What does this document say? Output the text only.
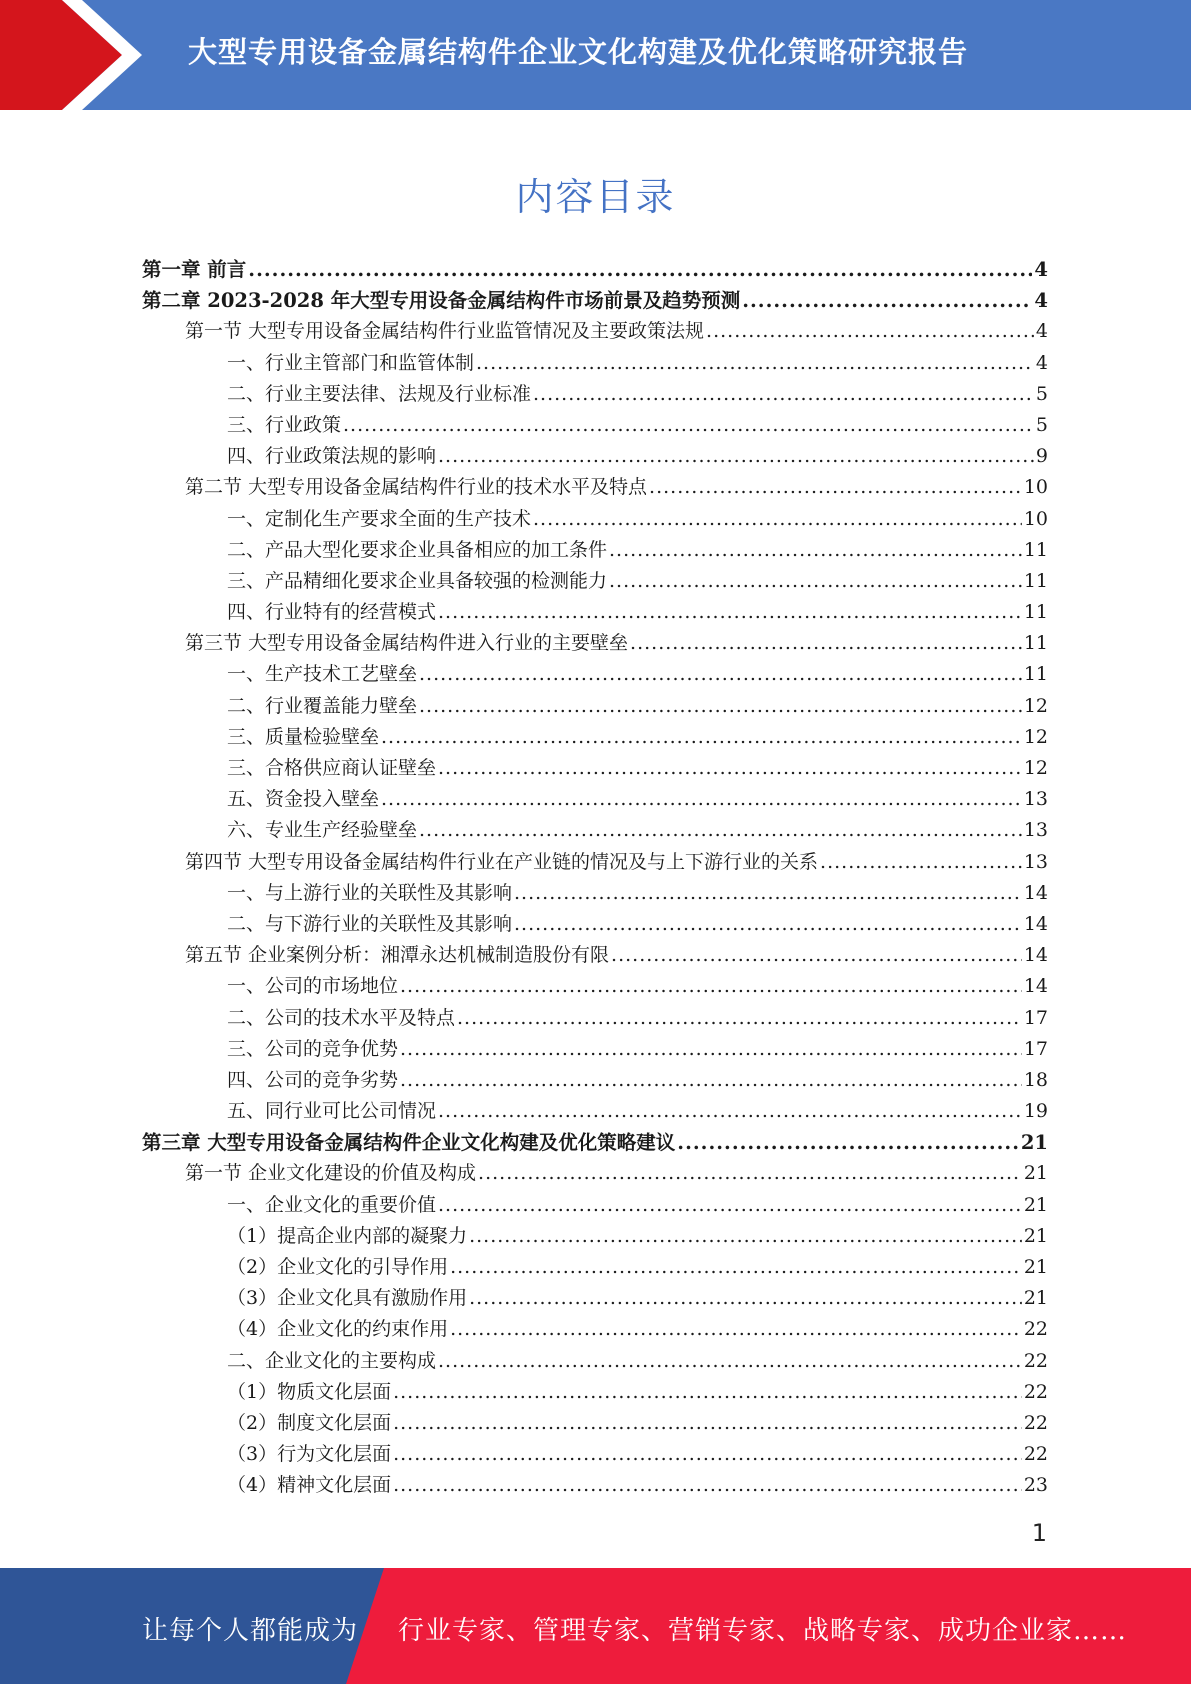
大型专用设备金属结构件企业文化构建及优化策略研究报告
内容目录
第一章 前言 .....	4
第二章 2023-2028 年大型专用设备金属结构件市场前景及趋势预测 .....	4
第一节 大型专用设备金属结构件行业监管情况及主要政策法规 .....	4
一、行业主管部门和监管体制 .....	4
二、行业主要法律、法规及行业标准 .....	5
三、行业政策 .....	5
四、行业政策法规的影响 .....	9
第二节 大型专用设备金属结构件行业的技术水平及特点 .....	10
一、定制化生产要求全面的生产技术 .....	10
二、产品大型化要求企业具备相应的加工条件 .....	11
三、产品精细化要求企业具备较强的检测能力 .....	11
四、行业特有的经营模式 .....	11
第三节 大型专用设备金属结构件进入行业的主要壁垒 .....	11
一、生产技术工艺壁垒 .....	11
二、行业覆盖能力壁垒 .....	12
三、质量检验壁垒 .....	12
三、合格供应商认证壁垒 .....	12
五、资金投入壁垒 .....	13
六、专业生产经验壁垒 .....	13
第四节 大型专用设备金属结构件行业在产业链的情况及与上下游行业的关系 .....	13
一、与上游行业的关联性及其影响 .....	14
二、与下游行业的关联性及其影响 .....	14
第五节 企业案例分析：湘潭永达机械制造股份有限 .....	14
一、公司的市场地位 .....	14
二、公司的技术水平及特点 .....	17
三、公司的竞争优势 .....	17
四、公司的竞争劣势 .....	18
五、同行业可比公司情况 .....	19
第三章 大型专用设备金属结构件企业文化构建及优化策略建议 .....	21
第一节 企业文化建设的价值及构成 .....	21
一、企业文化的重要价值 .....	21
（1）提高企业内部的凝聚力 .....	21
（2）企业文化的引导作用 .....	21
（3）企业文化具有激励作用 .....	21
（4）企业文化的约束作用 .....	22
二、企业文化的主要构成 .....	22
（1）物质文化层面 .....	22
（2）制度文化层面 .....	22
（3）行为文化层面 .....	22
（4）精神文化层面 .....	23
1
让每个人都能成为 行业专家、管理专家、营销专家、战略专家、成功企业家……
